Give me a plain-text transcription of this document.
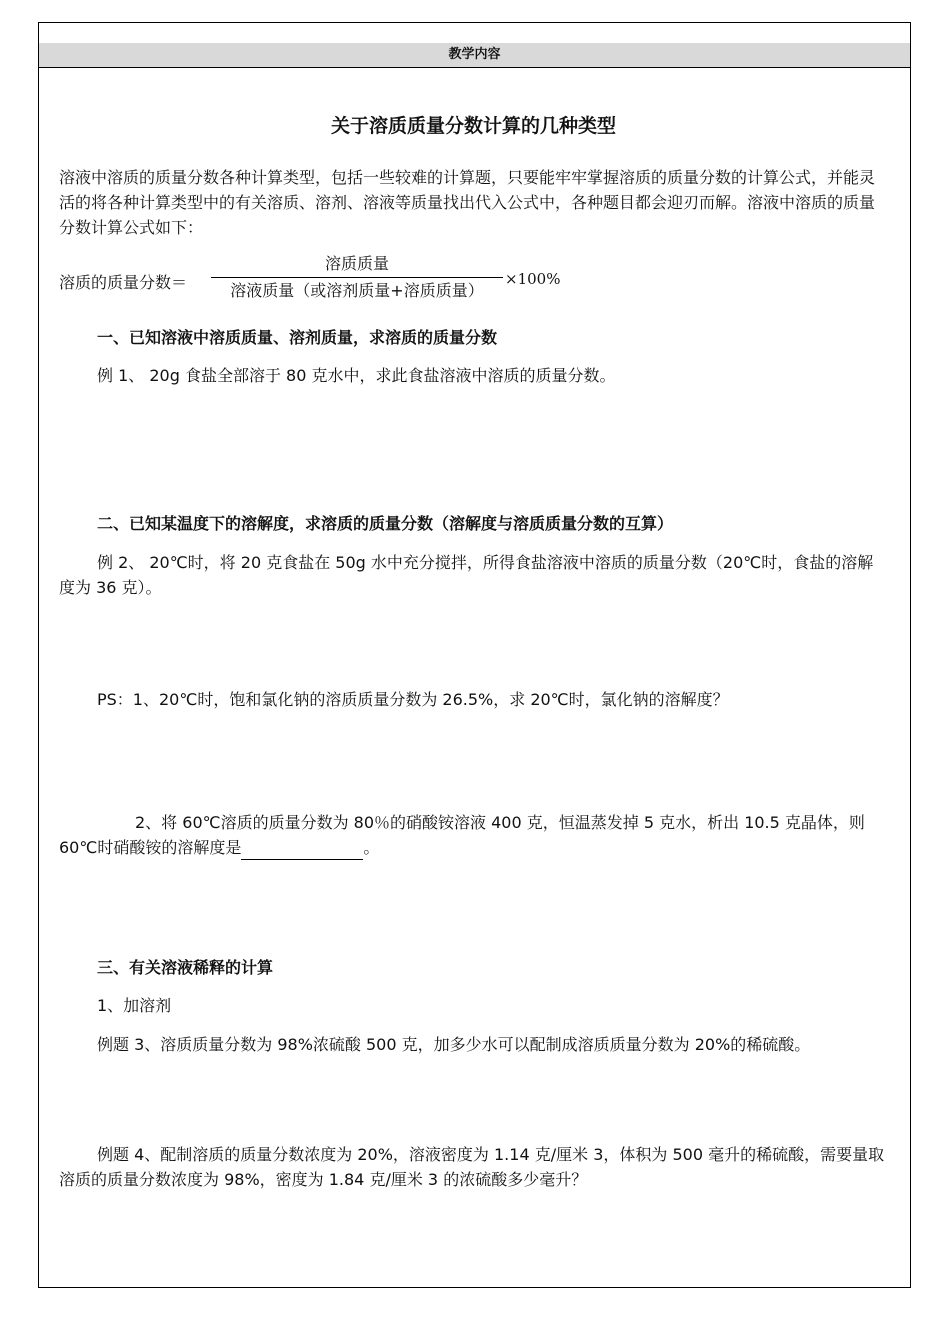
教学内容
关于溶质质量分数计算的几种类型
溶液中溶质的质量分数各种计算类型，包括一些较难的计算题，只要能牢牢掌握溶质的质量分数的计算公式，并能灵活的将各种计算类型中的有关溶质、溶剂、溶液等质量找出代入公式中，各种题目都会迎刃而解。溶液中溶质的质量分数计算公式如下：
溶质的质量分数＝
溶质质量
溶液质量（或溶剂质量+溶质质量）
×100%
一、已知溶液中溶质质量、溶剂质量，求溶质的质量分数
例 1、 20g 食盐全部溶于 80 克水中，求此食盐溶液中溶质的质量分数。
二、已知某温度下的溶解度，求溶质的质量分数（溶解度与溶质质量分数的互算）
例 2、 20℃时，将 20 克食盐在 50g 水中充分搅拌，所得食盐溶液中溶质的质量分数（20℃时，食盐的溶解度为 36 克）。
PS：1、20℃时，饱和氯化钠的溶质质量分数为 26.5%，求 20℃时，氯化钠的溶解度？
2、将 60℃溶质的质量分数为 80％的硝酸铵溶液 400 克，恒温蒸发掉 5 克水，析出 10.5 克晶体，则 60℃时硝酸铵的溶解度是	。
三、有关溶液稀释的计算
1、加溶剂
例题 3、溶质质量分数为 98%浓硫酸 500 克，加多少水可以配制成溶质质量分数为 20%的稀硫酸。
例题 4、配制溶质的质量分数浓度为 20%，溶液密度为 1.14 克/厘米 3，体积为 500 毫升的稀硫酸，需要量取溶质的质量分数浓度为 98%，密度为 1.84 克/厘米 3 的浓硫酸多少毫升？
